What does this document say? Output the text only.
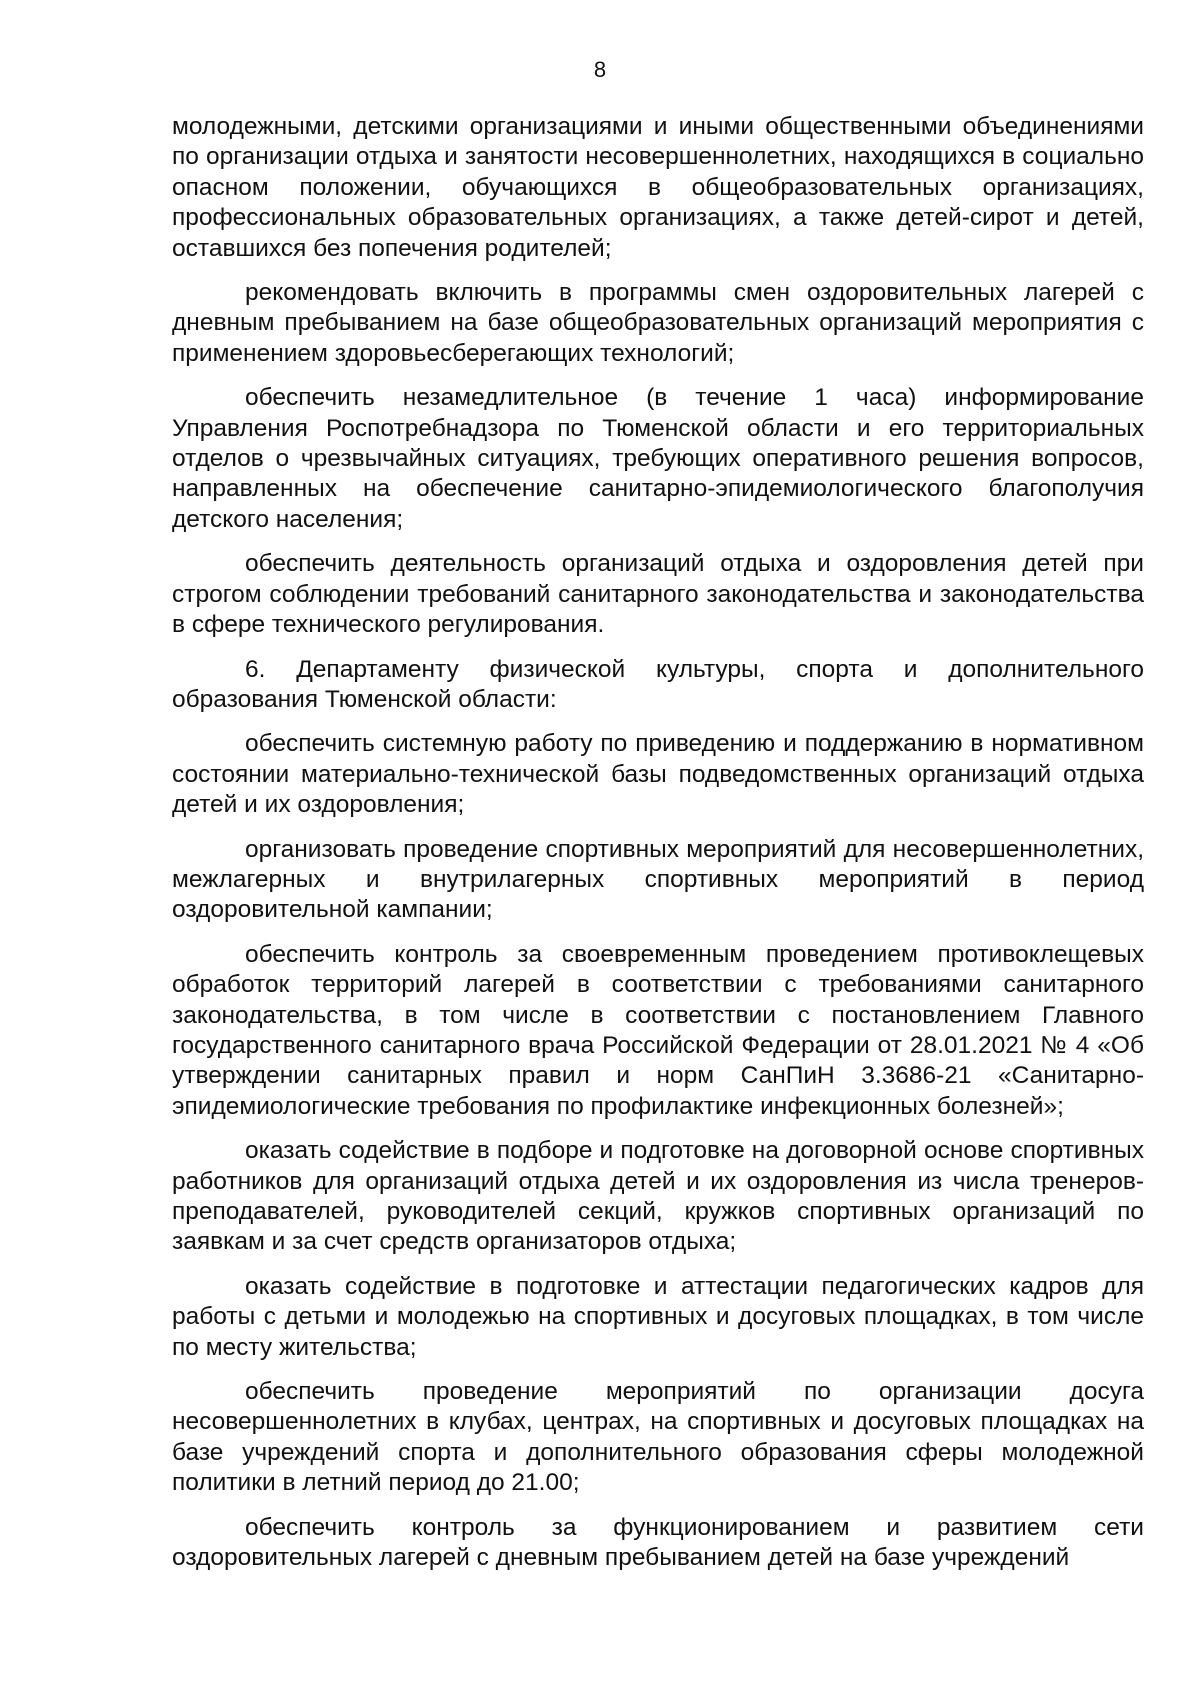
8

молодежными, детскими организациями и иными общественными объединениями по организации отдыха и занятости несовершеннолетних, находящихся в социально опасном положении, обучающихся в общеобразовательных организациях, профессиональных образовательных организациях, а также детей-сирот и детей, оставшихся без попечения родителей;

рекомендовать включить в программы смен оздоровительных лагерей с дневным пребыванием на базе общеобразовательных организаций мероприятия с применением здоровьесберегающих технологий;

обеспечить незамедлительное (в течение 1 часа) информирование Управления Роспотребнадзора по Тюменской области и его территориальных отделов о чрезвычайных ситуациях, требующих оперативного решения вопросов, направленных на обеспечение санитарно-эпидемиологического благополучия детского населения;

обеспечить деятельность организаций отдыха и оздоровления детей при строгом соблюдении требований санитарного законодательства и законодательства в сфере технического регулирования.

6. Департаменту физической культуры, спорта и дополнительного образования Тюменской области:

обеспечить системную работу по приведению и поддержанию в нормативном состоянии материально-технической базы подведомственных организаций отдыха детей и их оздоровления;

организовать проведение спортивных мероприятий для несовершеннолетних, межлагерных и внутрилагерных спортивных мероприятий в период оздоровительной кампании;

обеспечить контроль за своевременным проведением противоклещевых обработок территорий лагерей в соответствии с требованиями санитарного законодательства, в том числе в соответствии с постановлением Главного государственного санитарного врача Российской Федерации от 28.01.2021 № 4 «Об утверждении санитарных правил и норм СанПиН 3.3686-21 «Санитарно-эпидемиологические требования по профилактике инфекционных болезней»;

оказать содействие в подборе и подготовке на договорной основе спортивных работников для организаций отдыха детей и их оздоровления из числа тренеров-преподавателей, руководителей секций, кружков спортивных организаций по заявкам и за счет средств организаторов отдыха;

оказать содействие в подготовке и аттестации педагогических кадров для работы с детьми и молодежью на спортивных и досуговых площадках, в том числе по месту жительства;

обеспечить проведение мероприятий по организации досуга несовершеннолетних в клубах, центрах, на спортивных и досуговых площадках на базе учреждений спорта и дополнительного образования сферы молодежной политики в летний период до 21.00;

обеспечить контроль за функционированием и развитием сети оздоровительных лагерей с дневным пребыванием детей на базе учреждений
